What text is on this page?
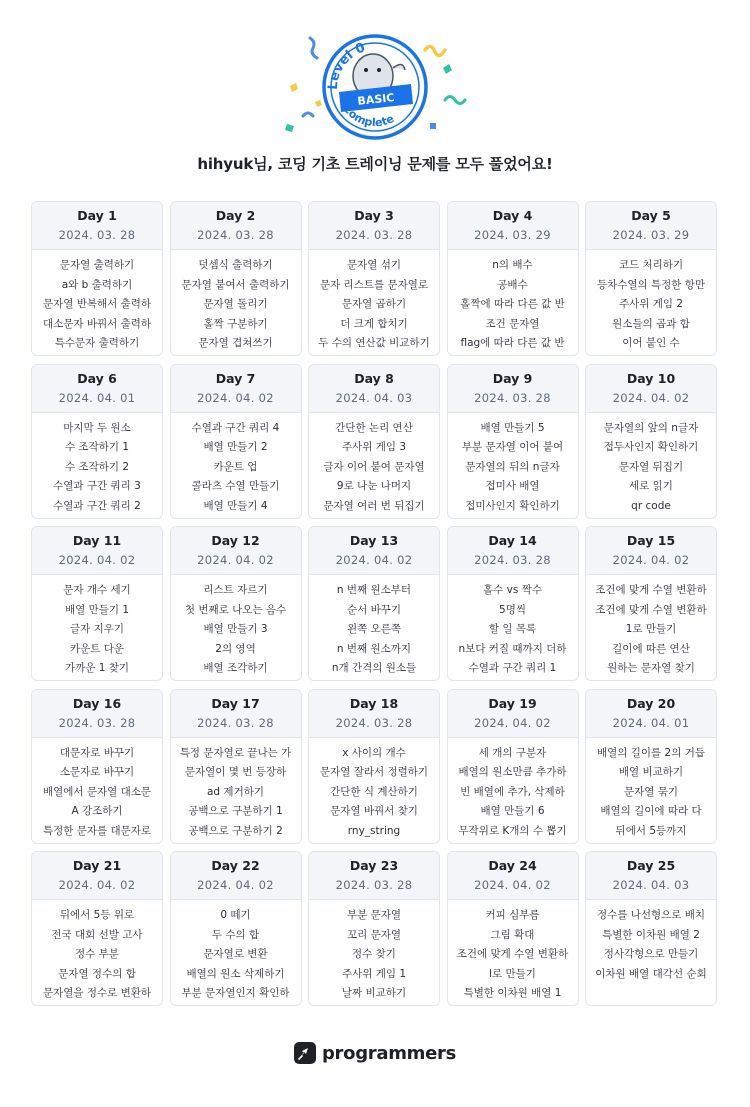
Level 0
BASIC
Complete
hihyuk님, 코딩 기초 트레이닝 문제를 모두 풀었어요!
Day 1
2024. 03. 28
문자열 출력하기
a와 b 출력하기
문자열 반복해서 출력하
대소문자 바꿔서 출력하
특수문자 출력하기
Day 2
2024. 03. 28
덧셈식 출력하기
문자열 붙여서 출력하기
문자열 돌리기
홀짝 구분하기
문자열 겹쳐쓰기
Day 3
2024. 03. 28
문자열 섞기
문자 리스트를 문자열로
문자열 곱하기
더 크게 합치기
두 수의 연산값 비교하기
Day 4
2024. 03. 29
n의 배수
공배수
홀짝에 따라 다른 값 반
조건 문자열
flag에 따라 다른 값 반
Day 5
2024. 03. 29
코드 처리하기
등차수열의 특정한 항만
주사위 게임 2
원소들의 곱과 합
이어 붙인 수
Day 6
2024. 04. 01
마지막 두 원소
수 조작하기 1
수 조작하기 2
수열과 구간 쿼리 3
수열과 구간 쿼리 2
Day 7
2024. 04. 02
수열과 구간 쿼리 4
배열 만들기 2
카운트 업
콜라츠 수열 만들기
배열 만들기 4
Day 8
2024. 04. 03
간단한 논리 연산
주사위 게임 3
글자 이어 붙여 문자열
9로 나눈 나머지
문자열 여러 번 뒤집기
Day 9
2024. 03. 28
배열 만들기 5
부분 문자열 이어 붙여
문자열의 뒤의 n글자
접미사 배열
접미사인지 확인하기
Day 10
2024. 04. 02
문자열의 앞의 n글자
접두사인지 확인하기
문자열 뒤집기
세로 읽기
qr code
Day 11
2024. 04. 02
문자 개수 세기
배열 만들기 1
글자 지우기
카운트 다운
가까운 1 찾기
Day 12
2024. 04. 02
리스트 자르기
첫 번째로 나오는 음수
배열 만들기 3
2의 영역
배열 조각하기
Day 13
2024. 04. 02
n 번째 원소부터
순서 바꾸기
왼쪽 오른쪽
n 번째 원소까지
n개 간격의 원소들
Day 14
2024. 03. 28
홀수 vs 짝수
5명씩
할 일 목록
n보다 커질 때까지 더하
수열과 구간 쿼리 1
Day 15
2024. 04. 02
조건에 맞게 수열 변환하
조건에 맞게 수열 변환하
1로 만들기
길이에 따른 연산
원하는 문자열 찾기
Day 16
2024. 03. 28
대문자로 바꾸기
소문자로 바꾸기
배열에서 문자열 대소문
A 강조하기
특정한 문자를 대문자로
Day 17
2024. 03. 28
특정 문자열로 끝나는 가
문자열이 몇 번 등장하
ad 제거하기
공백으로 구분하기 1
공백으로 구분하기 2
Day 18
2024. 03. 28
x 사이의 개수
문자열 잘라서 정렬하기
간단한 식 계산하기
문자열 바꿔서 찾기
rny_string
Day 19
2024. 04. 02
세 개의 구분자
배열의 원소만큼 추가하
빈 배열에 추가, 삭제하
배열 만들기 6
무작위로 K개의 수 뽑기
Day 20
2024. 04. 01
배열의 길이를 2의 거듭
배열 비교하기
문자열 묶기
배열의 길이에 따라 다
뒤에서 5등까지
Day 21
2024. 04. 02
뒤에서 5등 위로
전국 대회 선발 고사
정수 부분
문자열 정수의 합
문자열을 정수로 변환하
Day 22
2024. 04. 02
0 떼기
두 수의 합
문자열로 변환
배열의 원소 삭제하기
부분 문자열인지 확인하
Day 23
2024. 03. 28
부분 문자열
꼬리 문자열
정수 찾기
주사위 게임 1
날짜 비교하기
Day 24
2024. 04. 02
커피 심부름
그림 확대
조건에 맞게 수열 변환하
l로 만들기
특별한 이차원 배열 1
Day 25
2024. 04. 03
정수를 나선형으로 배치
특별한 이차원 배열 2
정사각형으로 만들기
이차원 배열 대각선 순회
programmers
